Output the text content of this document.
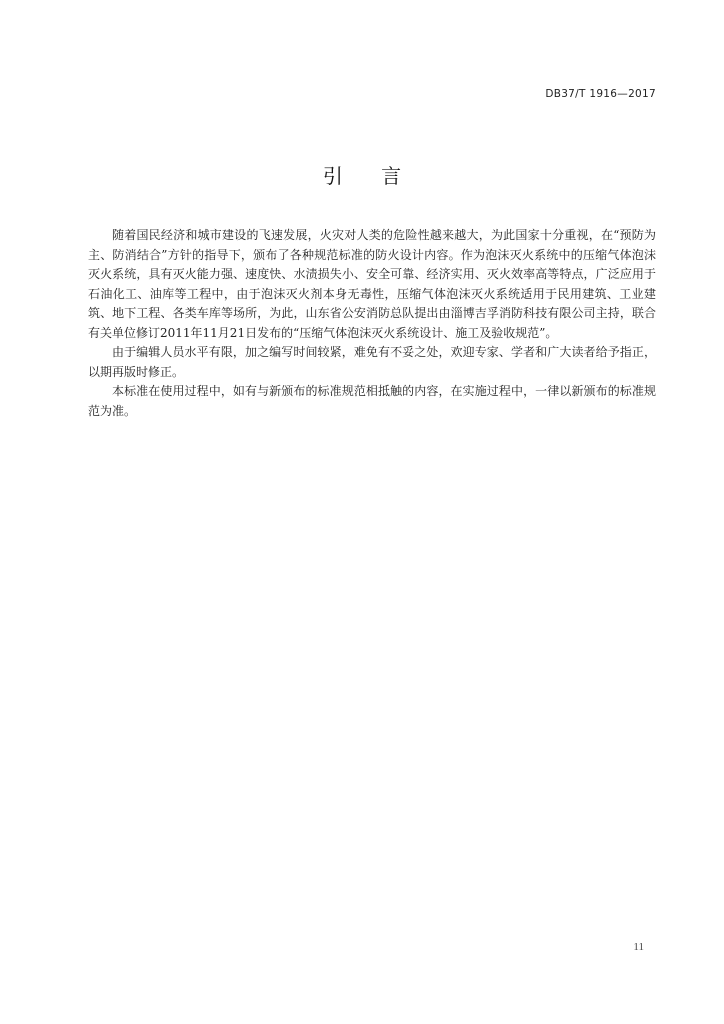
DB37/T 1916—2017
引 言

随着国民经济和城市建设的飞速发展，火灾对人类的危险性越来越大，为此国家十分重视，在“预防为主、防消结合”方针的指导下，颁布了各种规范标准的防火设计内容。作为泡沫灭火系统中的压缩气体泡沫灭火系统，具有灭火能力强、速度快、水渍损失小、安全可靠、经济实用、灭火效率高等特点，广泛应用于石油化工、油库等工程中，由于泡沫灭火剂本身无毒性，压缩气体泡沫灭火系统适用于民用建筑、工业建筑、地下工程、各类车库等场所，为此，山东省公安消防总队提出由淄博吉孚消防科技有限公司主持，联合有关单位修订2011年11月21日发布的“压缩气体泡沫灭火系统设计、施工及验收规范”。

由于编辑人员水平有限，加之编写时间较紧，难免有不妥之处，欢迎专家、学者和广大读者给予指正，以期再版时修正。

本标准在使用过程中，如有与新颁布的标准规范相抵触的内容，在实施过程中，一律以新颁布的标准规范为准。

11
